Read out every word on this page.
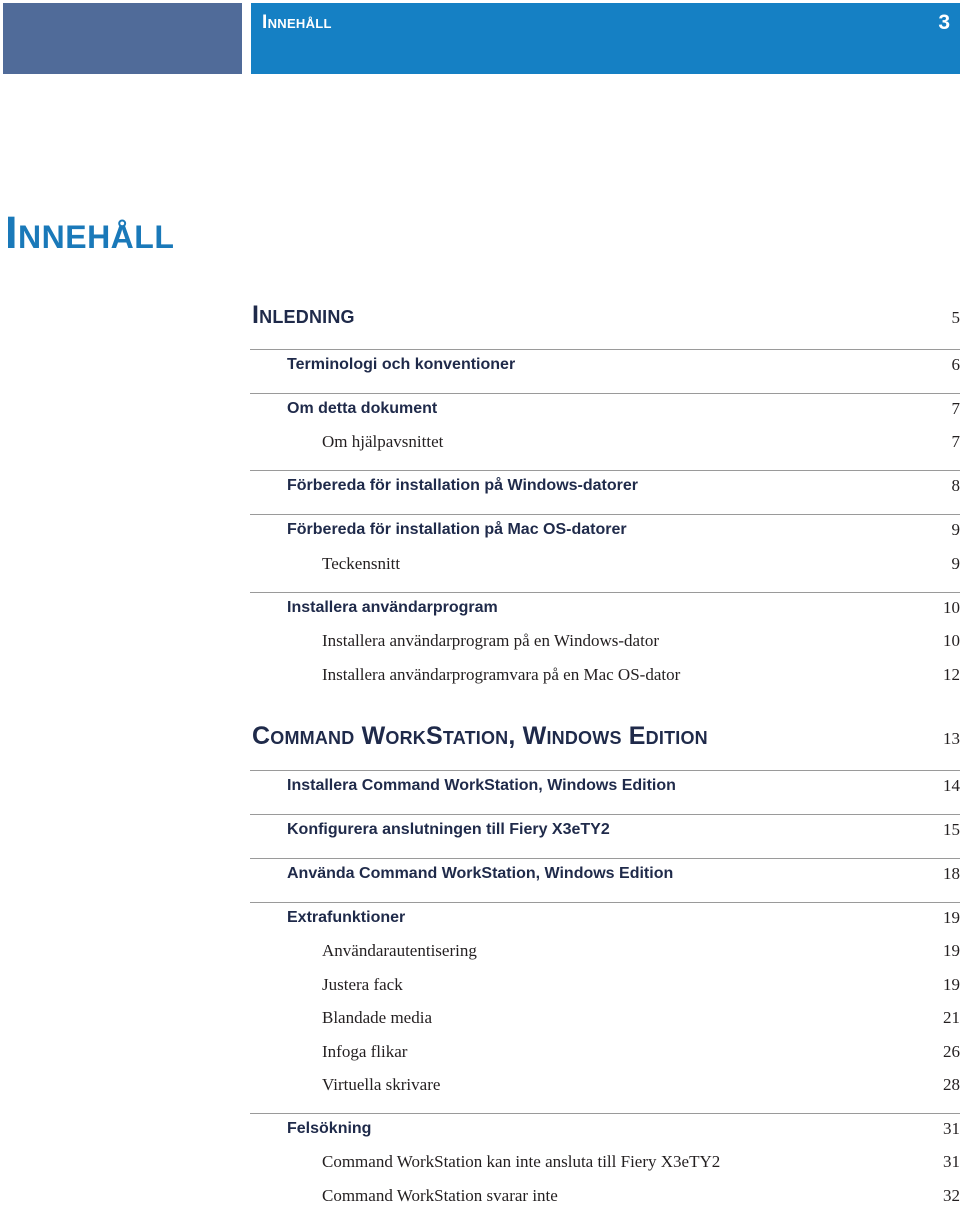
Innehåll	3
Innehåll
Inledning	5
Terminologi och konventioner	6
Om detta dokument	7
Om hjälpavsnittet	7
Förbereda för installation på Windows-datorer	8
Förbereda för installation på Mac OS-datorer	9
Teckensnitt	9
Installera användarprogram	10
Installera användarprogram på en Windows-dator	10
Installera användarprogramvara på en Mac OS-dator	12
Command WorkStation, Windows Edition	13
Installera Command WorkStation, Windows Edition	14
Konfigurera anslutningen till Fiery X3eTY2	15
Använda Command WorkStation, Windows Edition	18
Extrafunktioner	19
Användarautentisering	19
Justera fack	19
Blandade media	21
Infoga flikar	26
Virtuella skrivare	28
Felsökning	31
Command WorkStation kan inte ansluta till Fiery X3eTY2	31
Command WorkStation svarar inte	32
